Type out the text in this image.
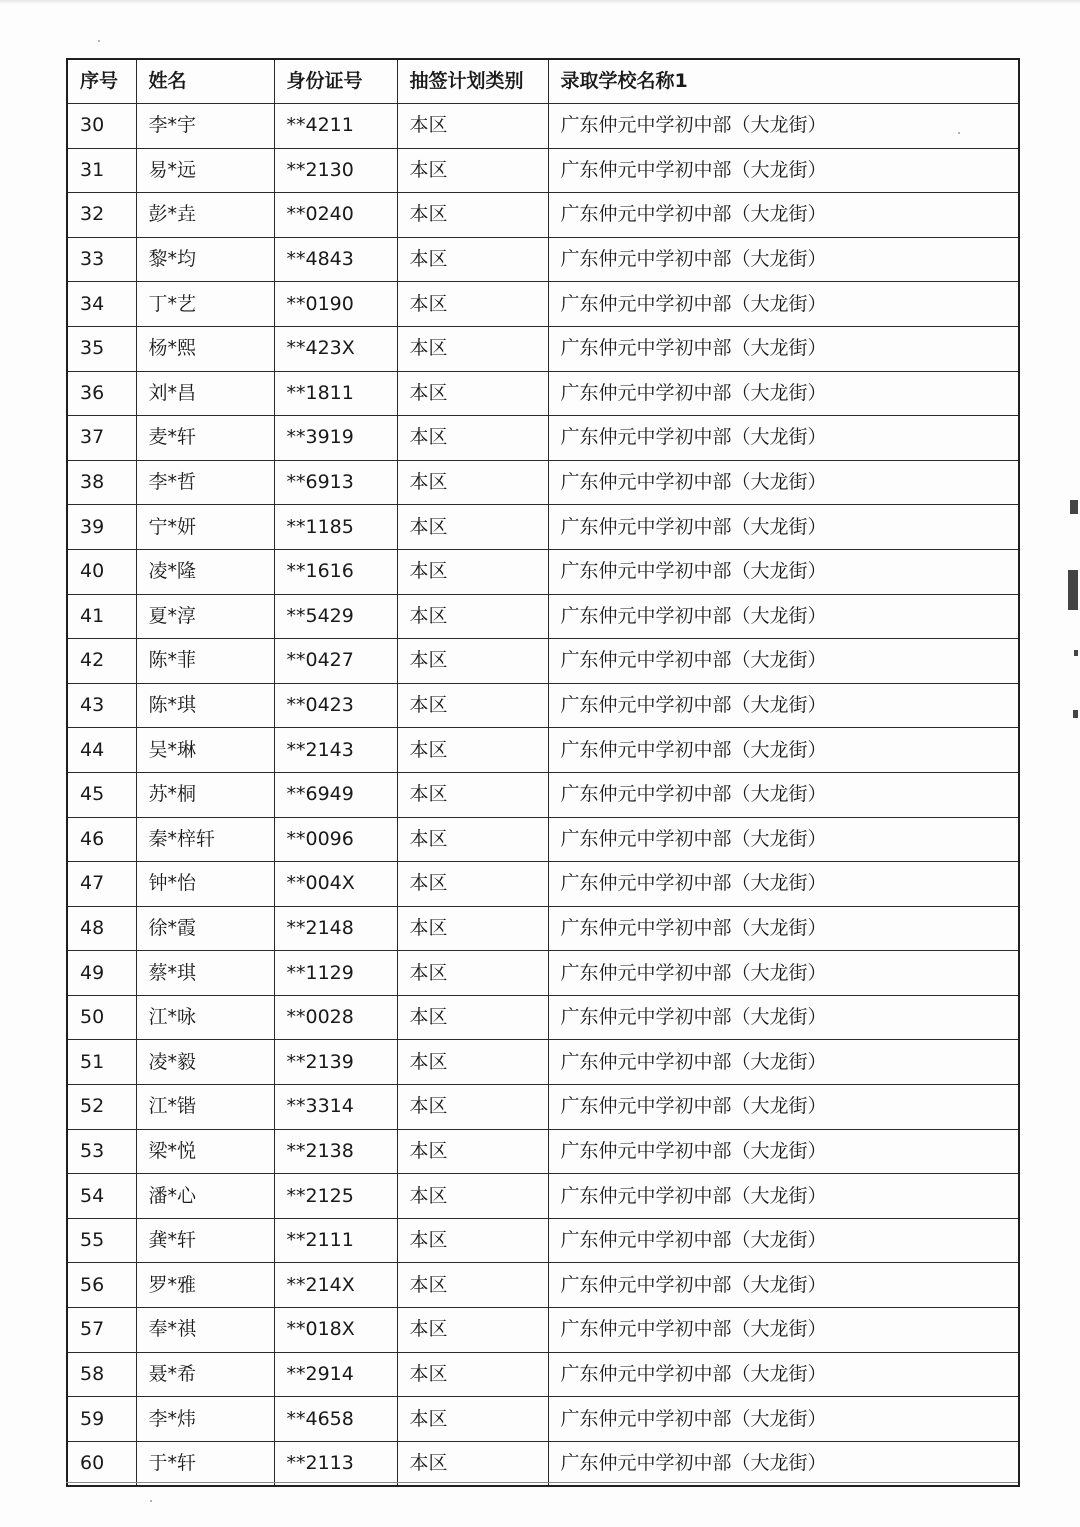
序号	姓名	身份证号	抽签计划类别	录取学校名称1
30	李*宇	**4211	本区	广东仲元中学初中部（大龙街）
31	易*远	**2130	本区	广东仲元中学初中部（大龙街）
32	彭*垚	**0240	本区	广东仲元中学初中部（大龙街）
33	黎*均	**4843	本区	广东仲元中学初中部（大龙街）
34	丁*艺	**0190	本区	广东仲元中学初中部（大龙街）
35	杨*熙	**423X	本区	广东仲元中学初中部（大龙街）
36	刘*昌	**1811	本区	广东仲元中学初中部（大龙街）
37	麦*轩	**3919	本区	广东仲元中学初中部（大龙街）
38	李*哲	**6913	本区	广东仲元中学初中部（大龙街）
39	宁*妍	**1185	本区	广东仲元中学初中部（大龙街）
40	凌*隆	**1616	本区	广东仲元中学初中部（大龙街）
41	夏*淳	**5429	本区	广东仲元中学初中部（大龙街）
42	陈*菲	**0427	本区	广东仲元中学初中部（大龙街）
43	陈*琪	**0423	本区	广东仲元中学初中部（大龙街）
44	吴*琳	**2143	本区	广东仲元中学初中部（大龙街）
45	苏*桐	**6949	本区	广东仲元中学初中部（大龙街）
46	秦*梓轩	**0096	本区	广东仲元中学初中部（大龙街）
47	钟*怡	**004X	本区	广东仲元中学初中部（大龙街）
48	徐*霞	**2148	本区	广东仲元中学初中部（大龙街）
49	蔡*琪	**1129	本区	广东仲元中学初中部（大龙街）
50	江*咏	**0028	本区	广东仲元中学初中部（大龙街）
51	凌*毅	**2139	本区	广东仲元中学初中部（大龙街）
52	江*锴	**3314	本区	广东仲元中学初中部（大龙街）
53	梁*悦	**2138	本区	广东仲元中学初中部（大龙街）
54	潘*心	**2125	本区	广东仲元中学初中部（大龙街）
55	龚*轩	**2111	本区	广东仲元中学初中部（大龙街）
56	罗*雅	**214X	本区	广东仲元中学初中部（大龙街）
57	奉*祺	**018X	本区	广东仲元中学初中部（大龙街）
58	聂*希	**2914	本区	广东仲元中学初中部（大龙街）
59	李*炜	**4658	本区	广东仲元中学初中部（大龙街）
60	于*轩	**2113	本区	广东仲元中学初中部（大龙街）
